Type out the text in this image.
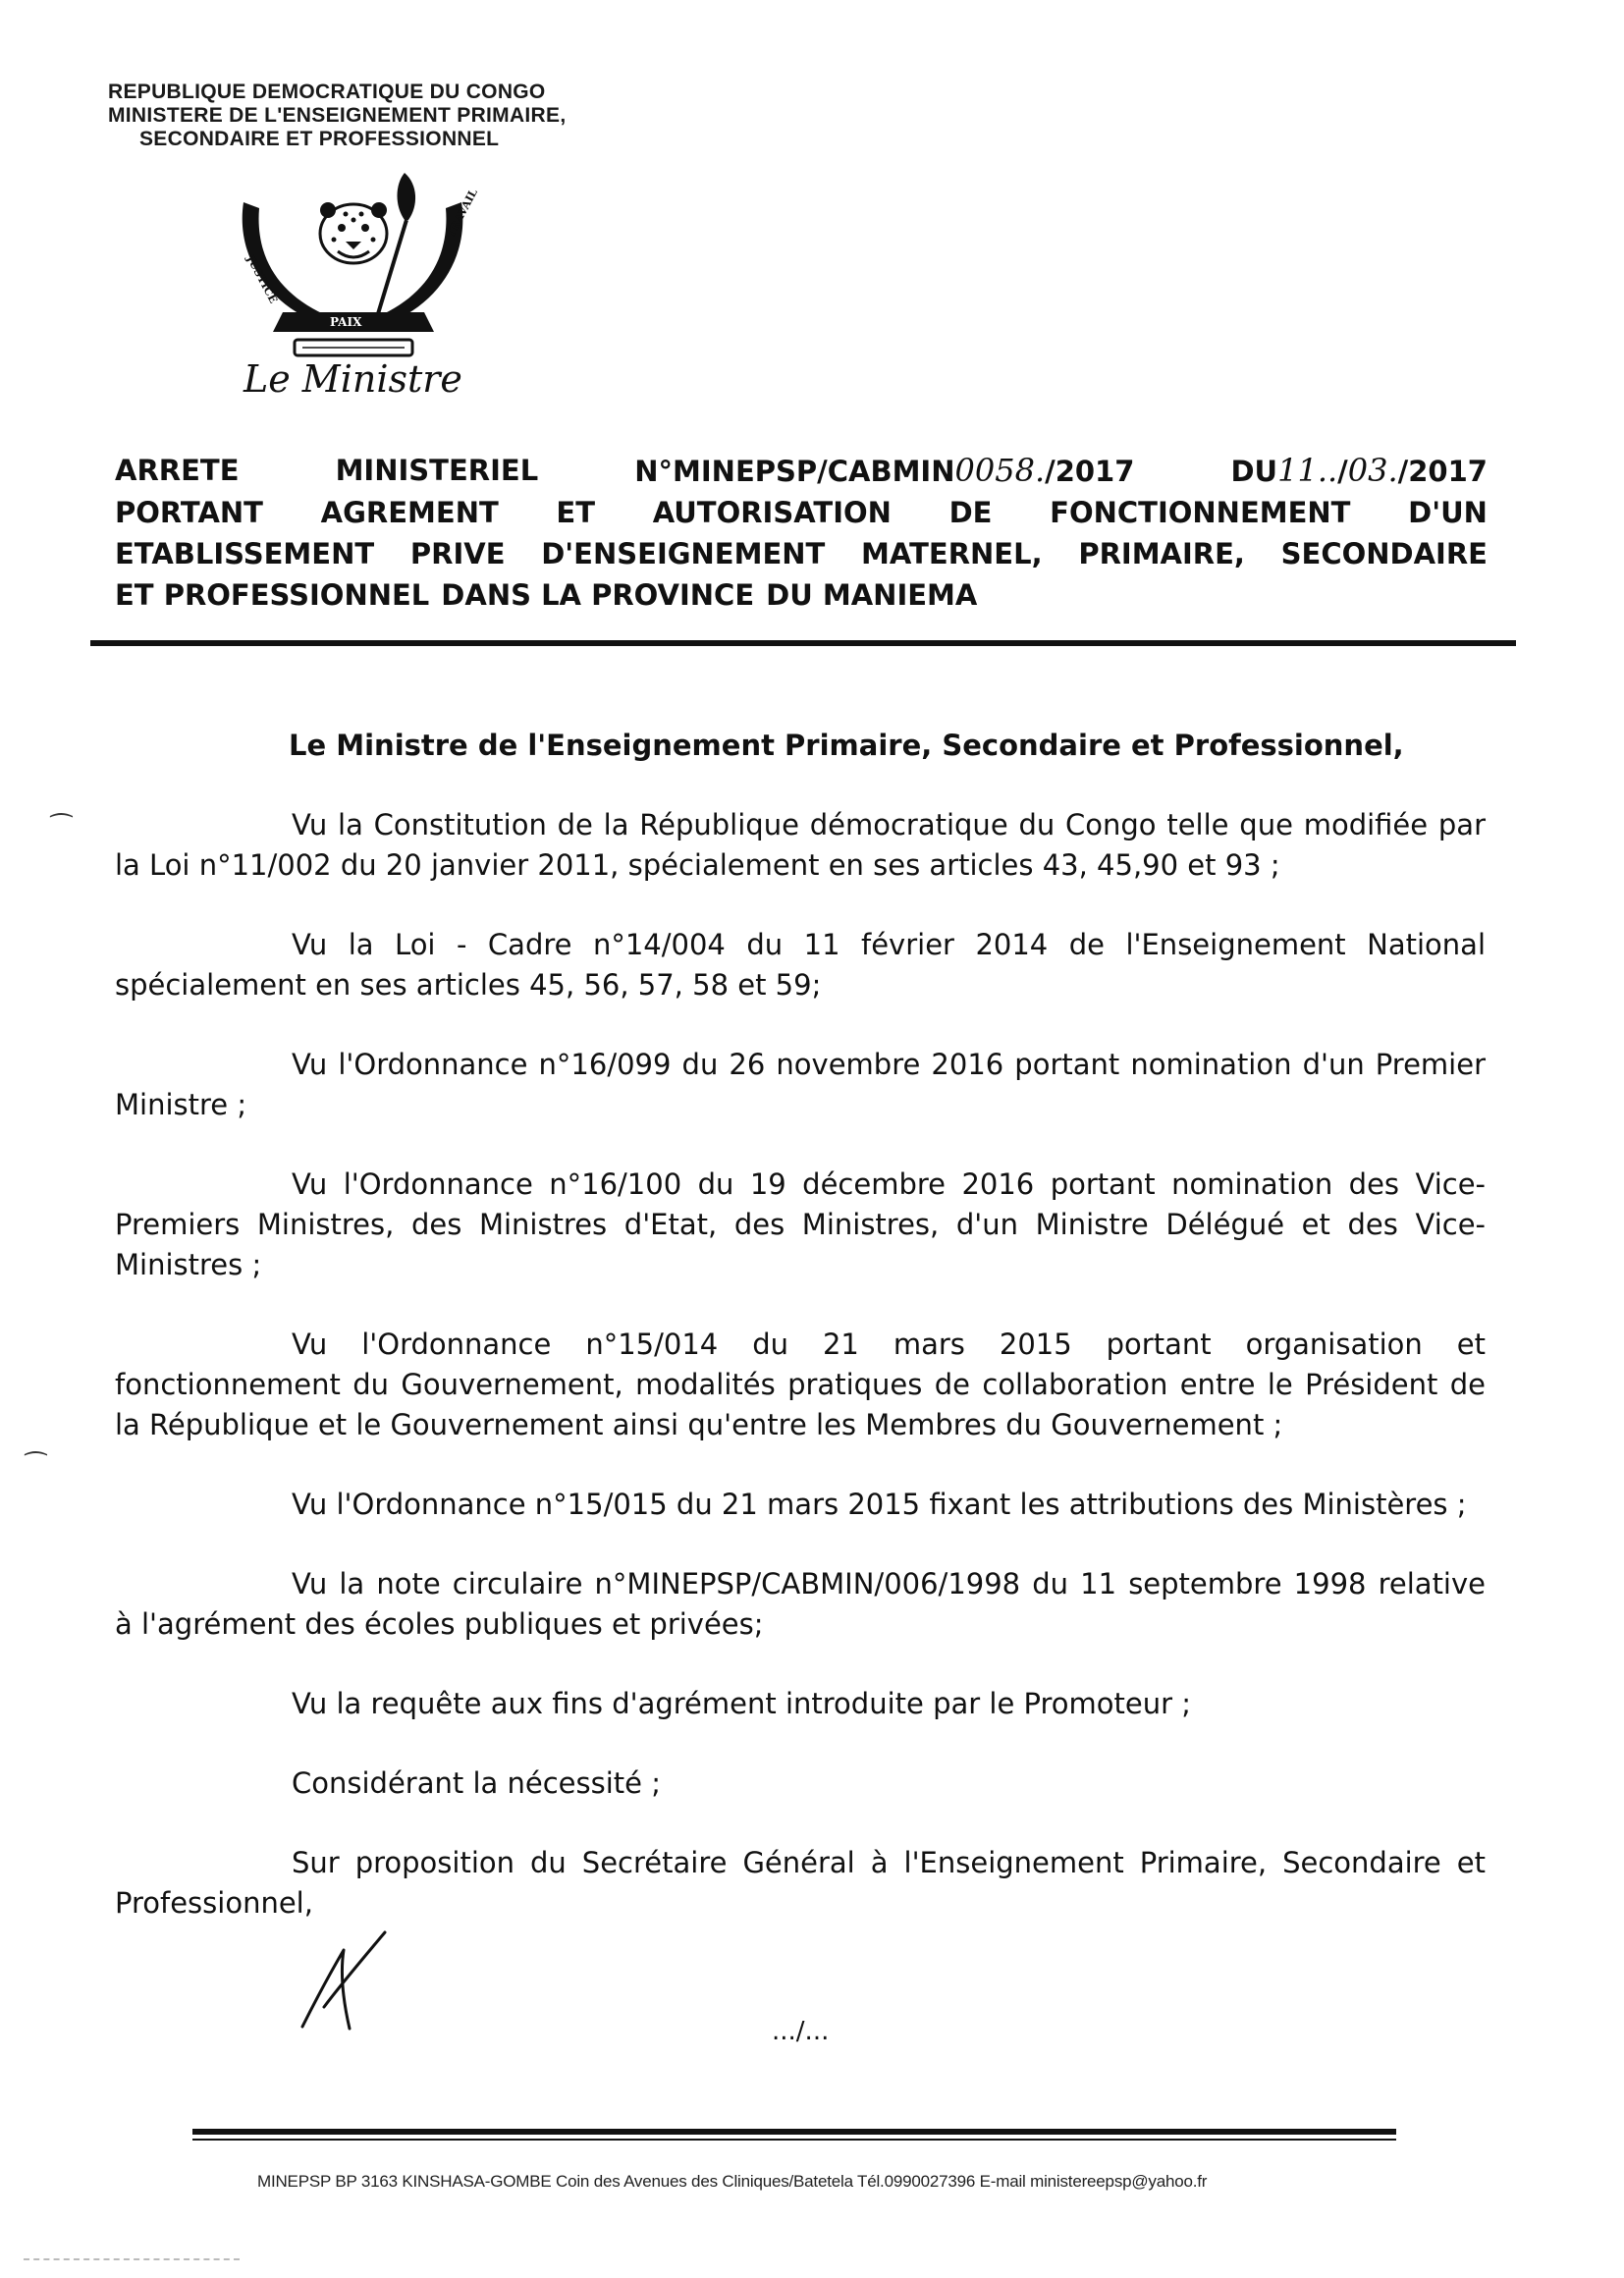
REPUBLIQUE DEMOCRATIQUE DU CONGO
MINISTERE DE L'ENSEIGNEMENT PRIMAIRE,
SECONDAIRE ET PROFESSIONNEL
JUSTICE
PAIX
TRAVAIL
Le Ministre
ARRETE	MINISTERIEL	N°MINEPSP/CABMIN0058./2017	DU11../03./2017
PORTANT AGREMENT ET AUTORISATION DE FONCTIONNEMENT D'UN
ETABLISSEMENT PRIVE D'ENSEIGNEMENT MATERNEL, PRIMAIRE, SECONDAIRE
ET PROFESSIONNEL DANS LA PROVINCE DU MANIEMA
Le Ministre de l'Enseignement Primaire, Secondaire et Professionnel,
⁀
⁀

Vu la Constitution de la République démocratique du Congo telle que modifiée par la Loi n°11/002 du 20 janvier 2011, spécialement en ses articles 43, 45,90 et 93 ;

Vu la Loi - Cadre n°14/004 du 11 février 2014 de l'Enseignement National spécialement en ses articles 45, 56, 57, 58 et 59;

Vu l'Ordonnance n°16/099 du 26 novembre 2016 portant nomination d'un Premier Ministre ;

Vu l'Ordonnance n°16/100 du 19 décembre 2016 portant nomination des Vice-Premiers Ministres, des Ministres d'Etat, des Ministres, d'un Ministre Délégué et des Vice-Ministres ;

Vu l'Ordonnance n°15/014 du 21 mars 2015 portant organisation et fonctionnement du Gouvernement, modalités pratiques de collaboration entre le Président de la République et le Gouvernement ainsi qu'entre les Membres du Gouvernement ;

Vu l'Ordonnance n°15/015 du 21 mars 2015 fixant les attributions des Ministères ;

Vu la note circulaire n°MINEPSP/CABMIN/006/1998 du 11 septembre 1998 relative à l'agrément des écoles publiques et privées;

Vu la requête aux fins d'agrément introduite par le Promoteur ;

Considérant la nécessité ;

Sur proposition du Secrétaire Général à l'Enseignement Primaire, Secondaire et Professionnel,

.../...
MINEPSP BP 3163 KINSHASA-GOMBE Coin des Avenues des Cliniques/Batetela Tél.0990027396 E-mail ministereepsp@yahoo.fr
